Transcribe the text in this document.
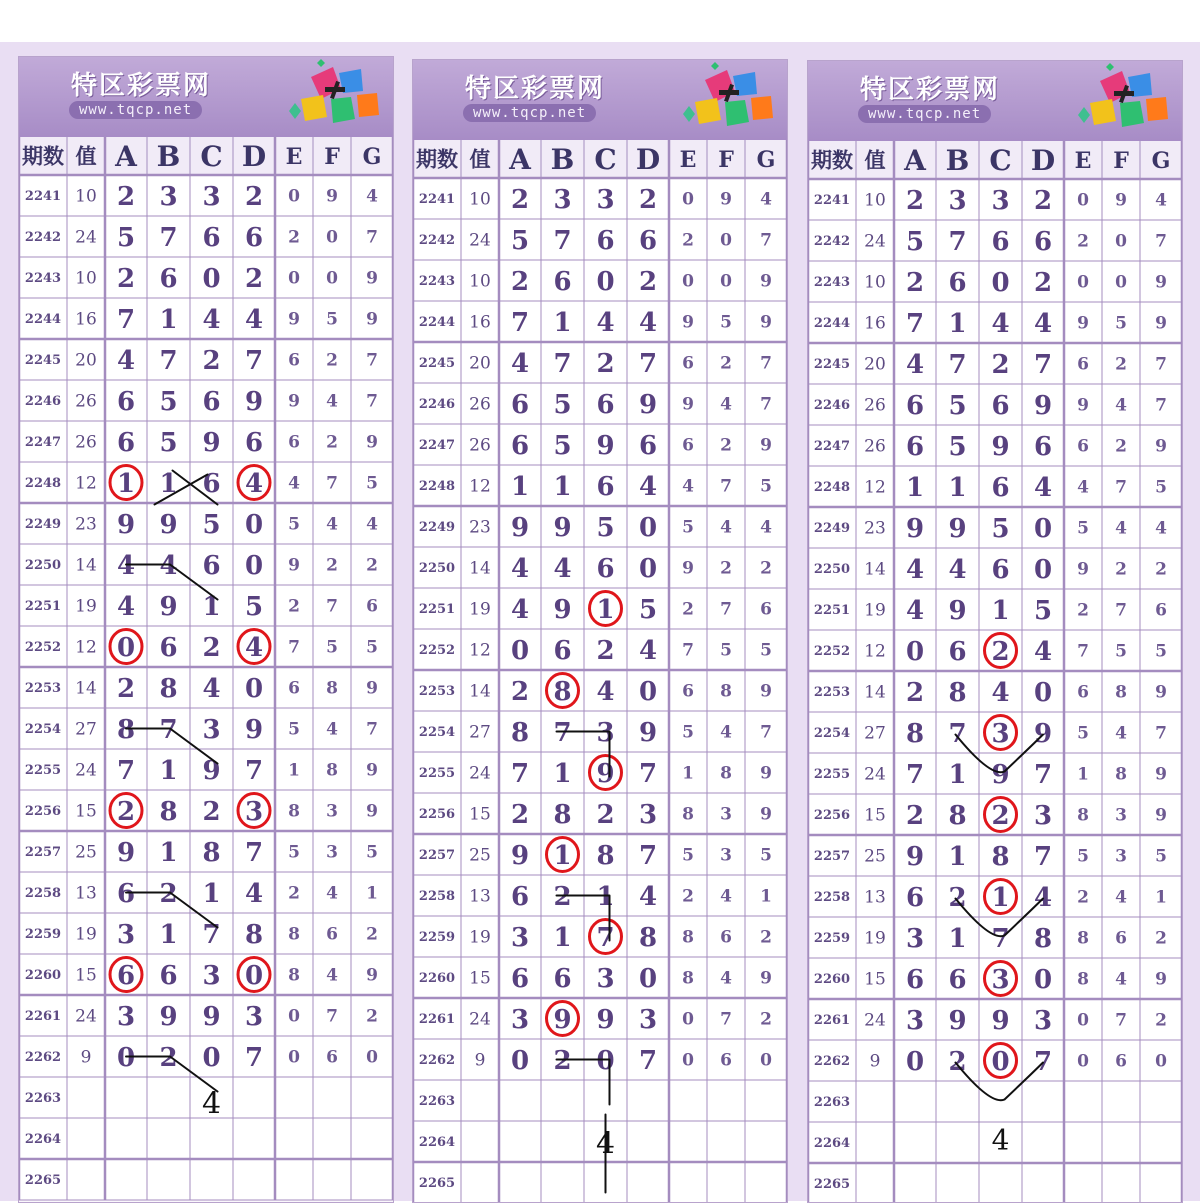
特区彩票网
www.tqcp.net
期数 值 A B C D E F G
2241 10 2 3 3 2 0 9 4
2242 24 5 7 6 6 2 0 7
2243 10 2 6 0 2 0 0 9
2244 16 7 1 4 4 9 5 9
2245 20 4 7 2 7 6 2 7
2246 26 6 5 6 9 9 4 7
2247 26 6 5 9 6 6 2 9
2248 12 1 1 6 4 4 7 5
2249 23 9 9 5 0 5 4 4
2250 14 4 4 6 0 9 2 2
2251 19 4 9 1 5 2 7 6
2252 12 0 6 2 4 7 5 5
2253 14 2 8 4 0 6 8 9
2254 27 8 7 3 9 5 4 7
2255 24 7 1 9 7 1 8 9
2256 15 2 8 2 3 8 3 9
2257 25 9 1 8 7 5 3 5
2258 13 6 2 1 4 2 4 1
2259 19 3 1 7 8 8 6 2
2260 15 6 6 3 0 8 4 9
2261 24 3 9 9 3 0 7 2
2262 9 0 2 0 7 0 6 0
2263
2264
2265
4
特区彩票网
www.tqcp.net
期数 值 A B C D E F G
2241 10 2 3 3 2 0 9 4
2242 24 5 7 6 6 2 0 7
2243 10 2 6 0 2 0 0 9
2244 16 7 1 4 4 9 5 9
2245 20 4 7 2 7 6 2 7
2246 26 6 5 6 9 9 4 7
2247 26 6 5 9 6 6 2 9
2248 12 1 1 6 4 4 7 5
2249 23 9 9 5 0 5 4 4
2250 14 4 4 6 0 9 2 2
2251 19 4 9 1 5 2 7 6
2252 12 0 6 2 4 7 5 5
2253 14 2 8 4 0 6 8 9
2254 27 8 7 3 9 5 4 7
2255 24 7 1 9 7 1 8 9
2256 15 2 8 2 3 8 3 9
2257 25 9 1 8 7 5 3 5
2258 13 6 2 1 4 2 4 1
2259 19 3 1 7 8 8 6 2
2260 15 6 6 3 0 8 4 9
2261 24 3 9 9 3 0 7 2
2262 9 0 2 0 7 0 6 0
2263
2264
2265
4
特区彩票网
www.tqcp.net
期数 值 A B C D E F G
2241 10 2 3 3 2 0 9 4
2242 24 5 7 6 6 2 0 7
2243 10 2 6 0 2 0 0 9
2244 16 7 1 4 4 9 5 9
2245 20 4 7 2 7 6 2 7
2246 26 6 5 6 9 9 4 7
2247 26 6 5 9 6 6 2 9
2248 12 1 1 6 4 4 7 5
2249 23 9 9 5 0 5 4 4
2250 14 4 4 6 0 9 2 2
2251 19 4 9 1 5 2 7 6
2252 12 0 6 2 4 7 5 5
2253 14 2 8 4 0 6 8 9
2254 27 8 7 3 9 5 4 7
2255 24 7 1 9 7 1 8 9
2256 15 2 8 2 3 8 3 9
2257 25 9 1 8 7 5 3 5
2258 13 6 2 1 4 2 4 1
2259 19 3 1 7 8 8 6 2
2260 15 6 6 3 0 8 4 9
2261 24 3 9 9 3 0 7 2
2262 9 0 2 0 7 0 6 0
2263
2264
2265
4
